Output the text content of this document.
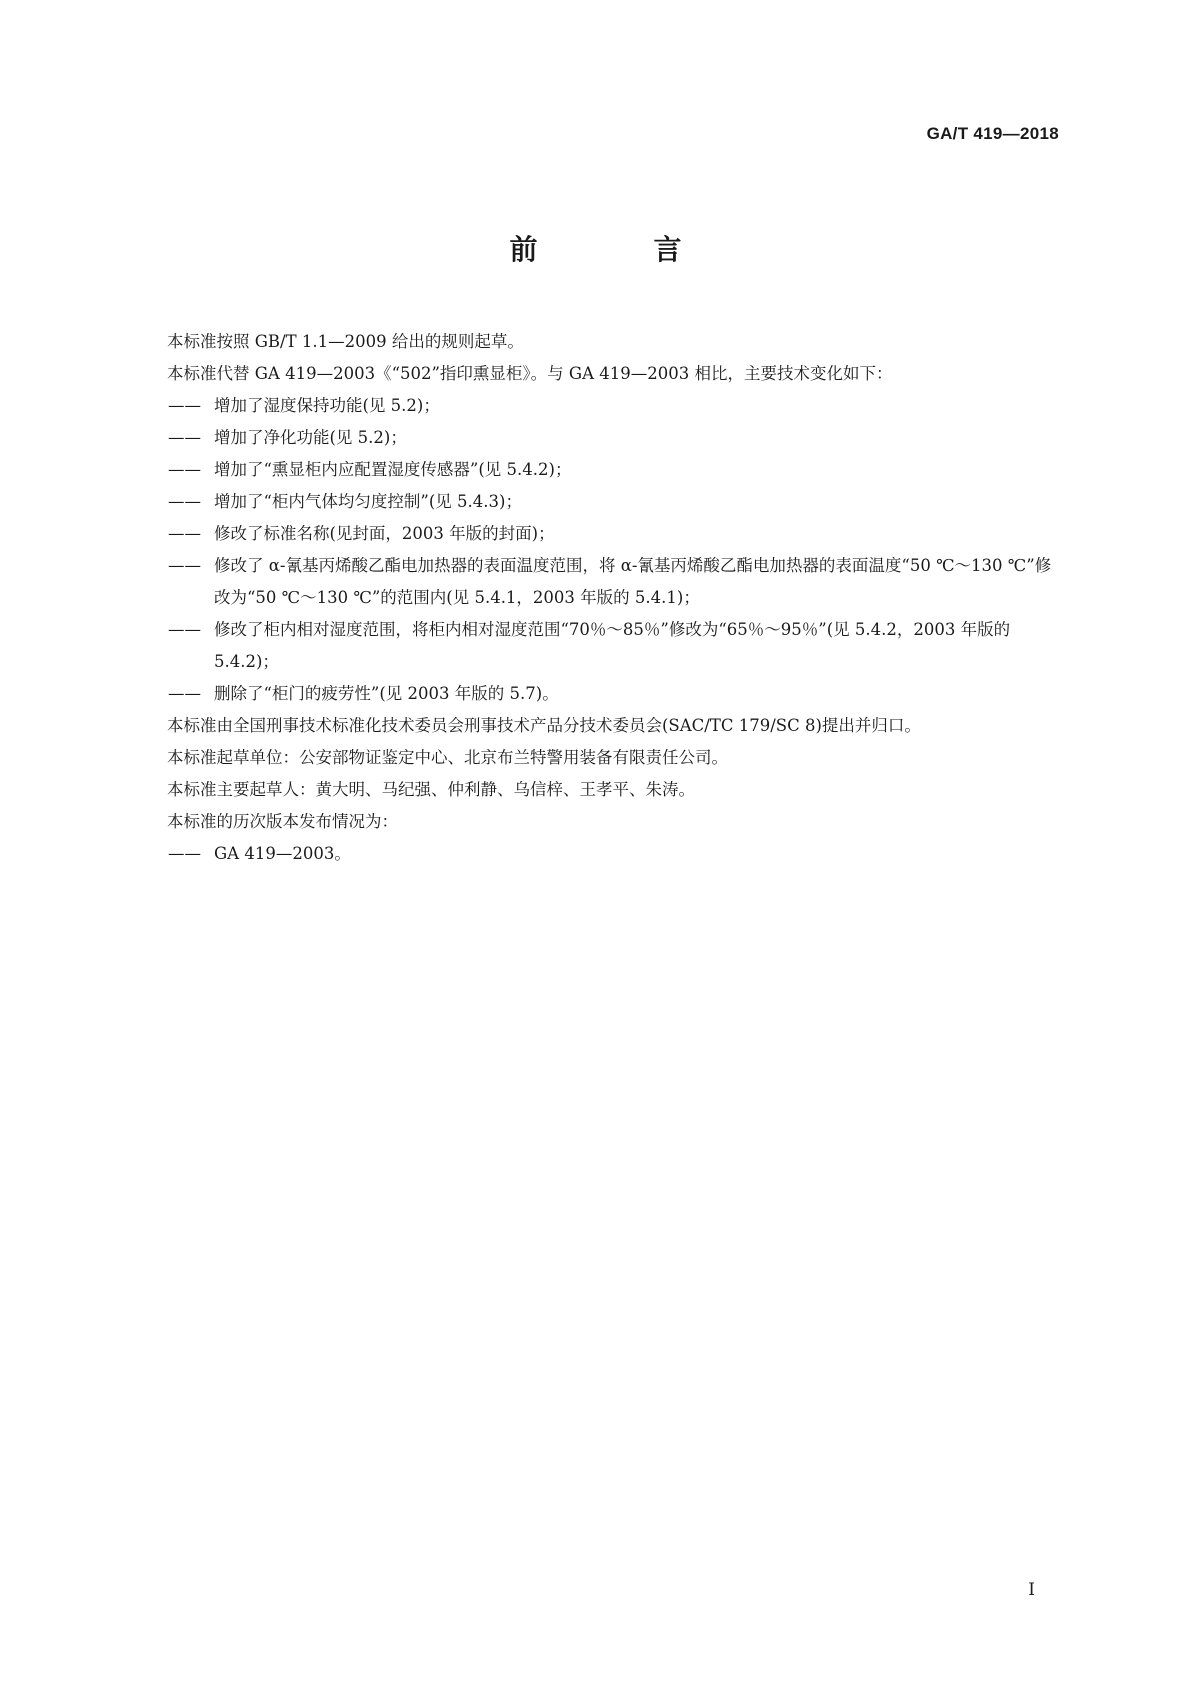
GA/T 419—2018
前　言

本标准按照 GB/T 1.1—2009 给出的规则起草。

本标准代替 GA 419—2003《“502”指印熏显柜》。与 GA 419—2003 相比，主要技术变化如下：

—— 增加了湿度保持功能(见 5.2)；

—— 增加了净化功能(见 5.2)；

—— 增加了“熏显柜内应配置湿度传感器”(见 5.4.2)；

—— 增加了“柜内气体均匀度控制”(见 5.4.3)；

—— 修改了标准名称(见封面，2003 年版的封面)；

—— 修改了 α-氰基丙烯酸乙酯电加热器的表面温度范围，将 α-氰基丙烯酸乙酯电加热器的表面温度“50 ℃～130 ℃”修改为“50 ℃～130 ℃”的范围内(见 5.4.1，2003 年版的 5.4.1)；

—— 修改了柜内相对湿度范围，将柜内相对湿度范围“70％～85％”修改为“65％～95％”(见 5.4.2，2003 年版的 5.4.2)；

—— 删除了“柜门的疲劳性”(见 2003 年版的 5.7)。

本标准由全国刑事技术标准化技术委员会刑事技术产品分技术委员会(SAC/TC 179/SC 8)提出并归口。

本标准起草单位：公安部物证鉴定中心、北京布兰特警用装备有限责任公司。

本标准主要起草人：黄大明、马纪强、仲利静、乌信梓、王孝平、朱涛。

本标准的历次版本发布情况为：

—— GA 419—2003。

I
